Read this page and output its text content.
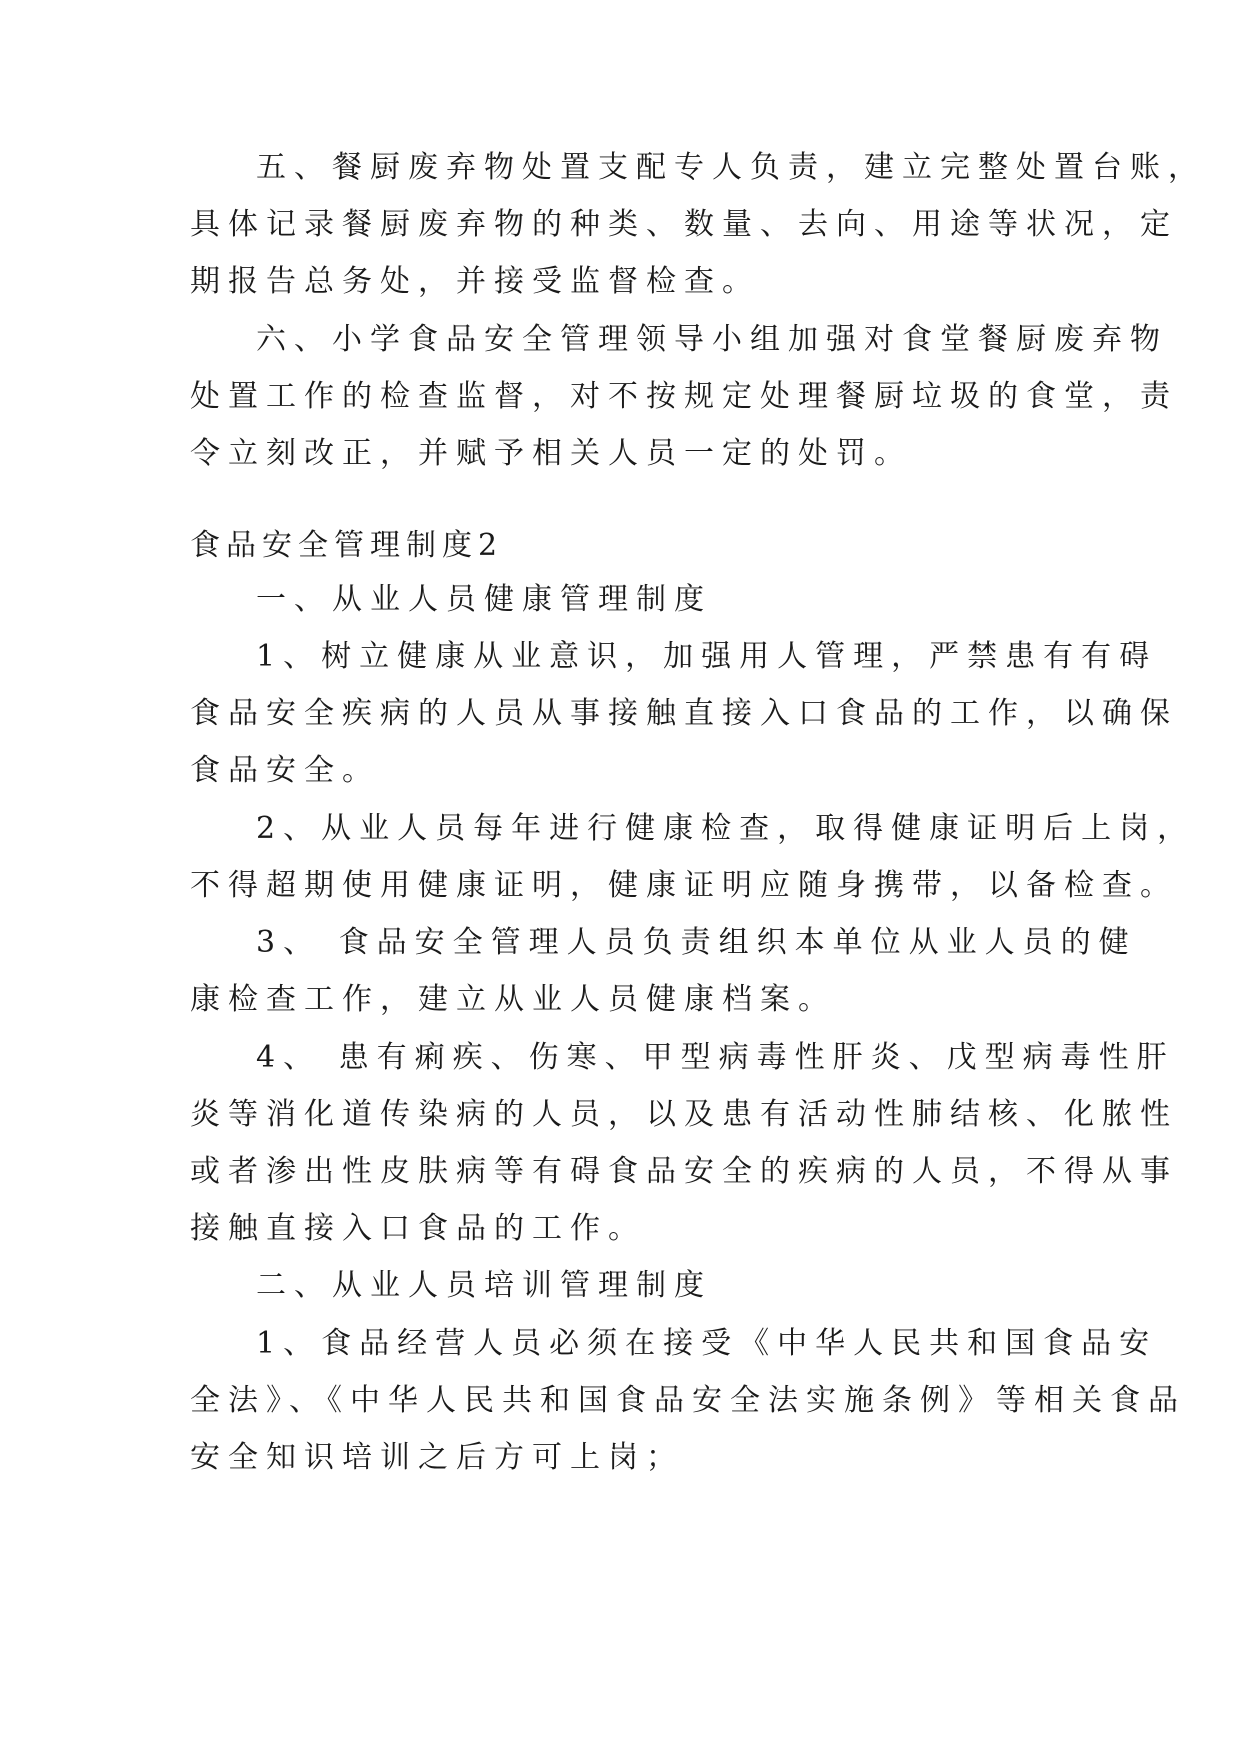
五、餐厨废弃物处置支配专人负责，建立完整处置台账，
具体记录餐厨废弃物的种类、数量、去向、用途等状况，定
期报告总务处，并接受监督检查。
六、小学食品安全管理领导小组加强对食堂餐厨废弃物
处置工作的检查监督，对不按规定处理餐厨垃圾的食堂，责
令立刻改正，并赋予相关人员一定的处罚。
食品安全管理制度2
一、从业人员健康管理制度
1、树立健康从业意识，加强用人管理，严禁患有有碍
食品安全疾病的人员从事接触直接入口食品的工作，以确保
食品安全。
2、从业人员每年进行健康检查，取得健康证明后上岗，
不得超期使用健康证明，健康证明应随身携带，以备检查。
3、 食品安全管理人员负责组织本单位从业人员的健
康检查工作，建立从业人员健康档案。
4、 患有痢疾、伤寒、甲型病毒性肝炎、戊型病毒性肝
炎等消化道传染病的人员，以及患有活动性肺结核、化脓性
或者渗出性皮肤病等有碍食品安全的疾病的人员，不得从事
接触直接入口食品的工作。
二、从业人员培训管理制度
1、食品经营人员必须在接受《中华人民共和国食品安
全法》、《中华人民共和国食品安全法实施条例》等相关食品
安全知识培训之后方可上岗；
